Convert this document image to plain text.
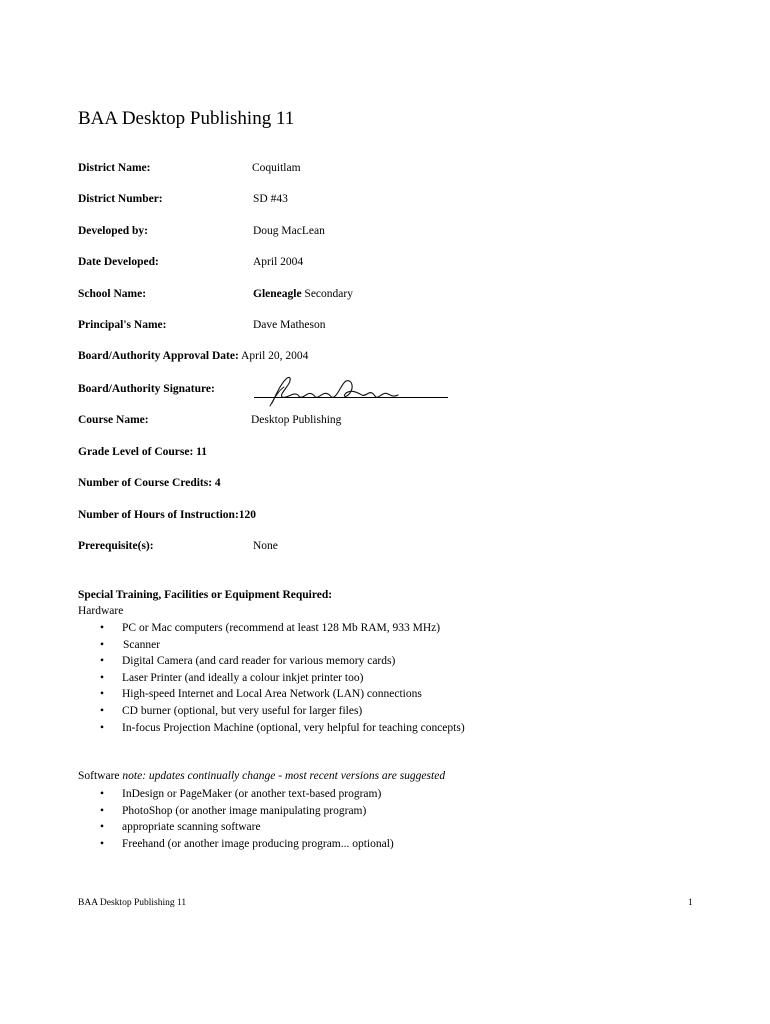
BAA Desktop Publishing 11
District Name:	Coquitlam
District Number:	SD #43
Developed by:	Doug MacLean
Date Developed:	April 2004
School Name:	Gleneagle Secondary
Principal's Name:	Dave Matheson
Board/Authority Approval Date: April 20, 2004
Board/Authority Signature:
Course Name:	Desktop Publishing
Grade Level of Course: 11
Number of Course Credits: 4
Number of Hours of Instruction:120
Prerequisite(s):	None
Special Training, Facilities or Equipment Required:
Hardware
• PC or Mac computers (recommend at least 128 Mb RAM, 933 MHz)
• Scanner
• Digital Camera (and card reader for various memory cards)
• Laser Printer (and ideally a colour inkjet printer too)
• High-speed Internet and Local Area Network (LAN) connections
• CD burner (optional, but very useful for larger files)
• In-focus Projection Machine (optional, very helpful for teaching concepts)
Software note: updates continually change - most recent versions are suggested
• InDesign or PageMaker (or another text-based program)
• PhotoShop (or another image manipulating program)
• appropriate scanning software
• Freehand (or another image producing program... optional)
BAA Desktop Publishing 11	1
